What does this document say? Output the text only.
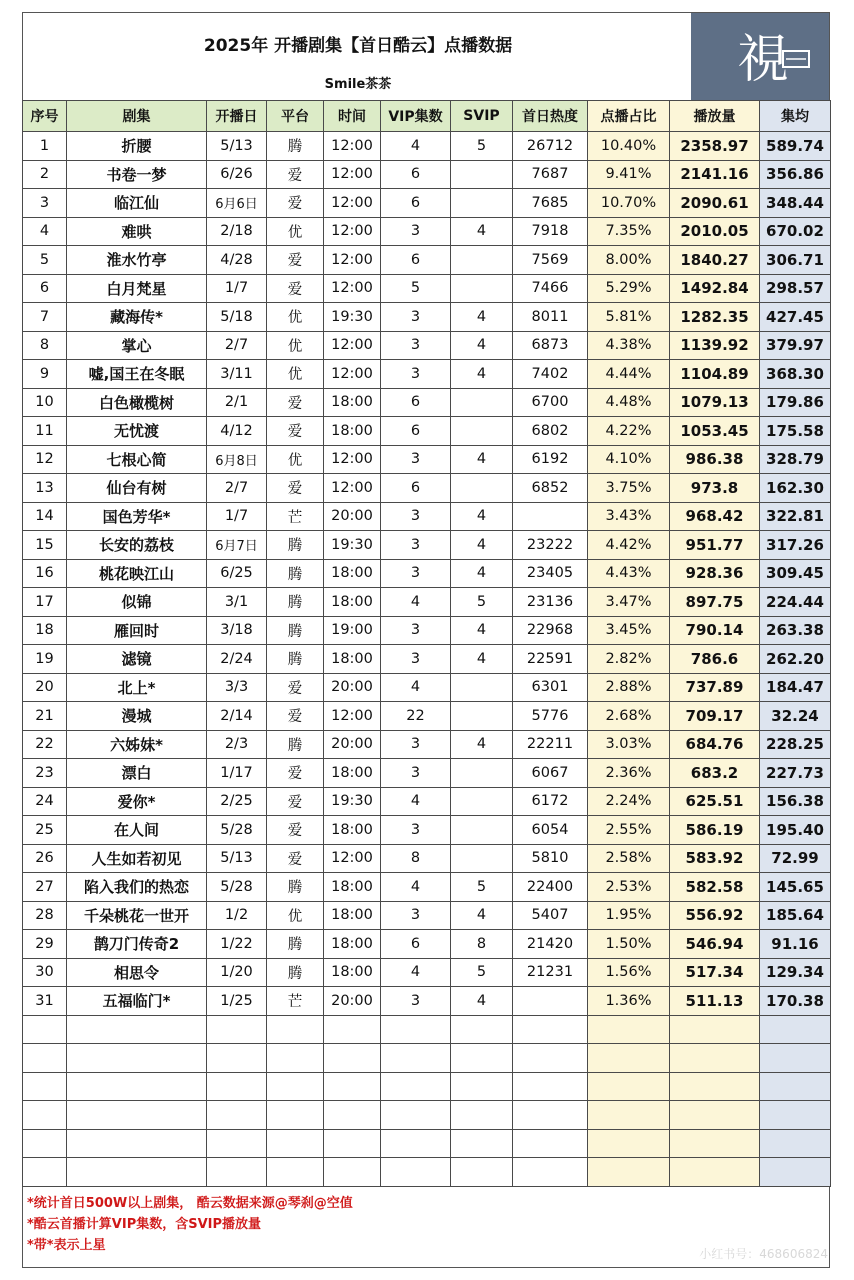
2025年 开播剧集【首日酷云】点播数据
Smile茶茶	視
序号	剧集	开播日	平台	时间	VIP集数	SVIP	首日热度	点播占比	播放量	集均
1	折腰	5/13	腾	12:00	4	5	26712	10.40%	2358.97	589.74
2	书卷一梦	6/26	爱	12:00	6		7687	9.41%	2141.16	356.86
3	临江仙	6月6日	爱	12:00	6		7685	10.70%	2090.61	348.44
4	难哄	2/18	优	12:00	3	4	7918	7.35%	2010.05	670.02
5	淮水竹亭	4/28	爱	12:00	6		7569	8.00%	1840.27	306.71
6	白月梵星	1/7	爱	12:00	5		7466	5.29%	1492.84	298.57
7	藏海传*	5/18	优	19:30	3	4	8011	5.81%	1282.35	427.45
8	掌心	2/7	优	12:00	3	4	6873	4.38%	1139.92	379.97
9	嘘,国王在冬眠	3/11	优	12:00	3	4	7402	4.44%	1104.89	368.30
10	白色橄榄树	2/1	爱	18:00	6		6700	4.48%	1079.13	179.86
11	无忧渡	4/12	爱	18:00	6		6802	4.22%	1053.45	175.58
12	七根心简	6月8日	优	12:00	3	4	6192	4.10%	986.38	328.79
13	仙台有树	2/7	爱	12:00	6		6852	3.75%	973.8	162.30
14	国色芳华*	1/7	芒	20:00	3	4		3.43%	968.42	322.81
15	长安的荔枝	6月7日	腾	19:30	3	4	23222	4.42%	951.77	317.26
16	桃花映江山	6/25	腾	18:00	3	4	23405	4.43%	928.36	309.45
17	似锦	3/1	腾	18:00	4	5	23136	3.47%	897.75	224.44
18	雁回时	3/18	腾	19:00	3	4	22968	3.45%	790.14	263.38
19	滤镜	2/24	腾	18:00	3	4	22591	2.82%	786.6	262.20
20	北上*	3/3	爱	20:00	4		6301	2.88%	737.89	184.47
21	漫城	2/14	爱	12:00	22		5776	2.68%	709.17	32.24
22	六姊妹*	2/3	腾	20:00	3	4	22211	3.03%	684.76	228.25
23	漂白	1/17	爱	18:00	3		6067	2.36%	683.2	227.73
24	爱你*	2/25	爱	19:30	4		6172	2.24%	625.51	156.38
25	在人间	5/28	爱	18:00	3		6054	2.55%	586.19	195.40
26	人生如若初见	5/13	爱	12:00	8		5810	2.58%	583.92	72.99
27	陷入我们的热恋	5/28	腾	18:00	4	5	22400	2.53%	582.58	145.65
28	千朵桃花一世开	1/2	优	18:00	3	4	5407	1.95%	556.92	185.64
29	鹊刀门传奇2	1/22	腾	18:00	6	8	21420	1.50%	546.94	91.16
30	相思令	1/20	腾	18:00	4	5	21231	1.56%	517.34	129.34
31	五福临门*	1/25	芒	20:00	3	4		1.36%	511.13	170.38

*统计首日500W以上剧集， 酷云数据来源@琴刹@空值
*酷云首播计算VIP集数，含SVIP播放量
*带*表示上星
小红书号：468606824
